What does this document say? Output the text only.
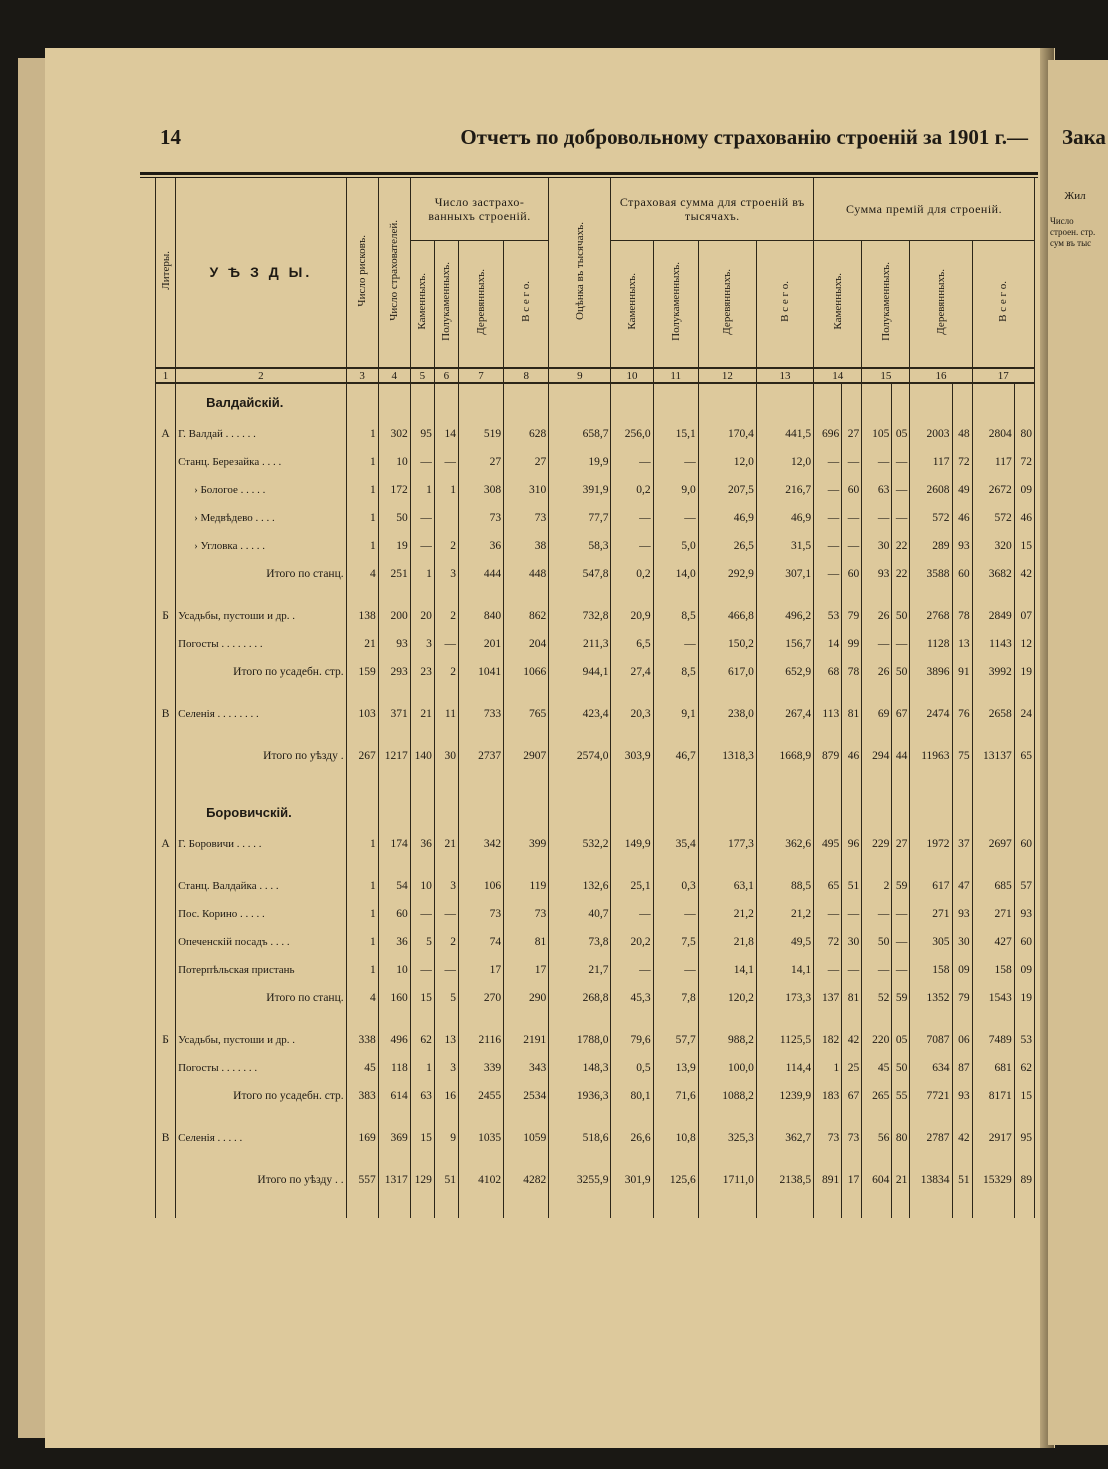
14	Отчетъ по добровольному страхованію строеній за 1901 г.— Зака
Литеры.	У Ѣ З Д Ы.	Число рисковъ.	Число страхователей.	Число застрахо-ванныхъ строеній.				Оцѣнка въ тысячахъ.	Страховая сумма для строеній въ тысячахъ.				Сумма премій для строеній.							
				Каменныхъ.	Полукаменныхъ.	Деревянныхъ.	В с е г о.		Каменныхъ.	Полукаменныхъ.	Деревянныхъ.	В с е г о.	Каменныхъ.		Полукаменныхъ.		Деревянныхъ.		В с е г о.	
1	2	3	4	5	6	7	8	9	10	11	12	13	14		15		16		17	
	Валдайскій.																			
А	Г. Валдай . . . . . .	1	302	95	14	519	628	658,7	256,0	15,1	170,4	441,5	696	27	105	05	2003	48	2804	80
	Станц. Березайка . . . .	1	10	—	—	27	27	19,9	—	—	12,0	12,0	—	—	—	—	117	72	117	72
	› Бологое . . . . .	1	172	1	1	308	310	391,9	0,2	9,0	207,5	216,7	—	60	63	—	2608	49	2672	09
	› Медвѣдево . . . .	1	50	—		73	73	77,7	—	—	46,9	46,9	—	—	—	—	572	46	572	46
	› Угловка . . . . .	1	19	—	2	36	38	58,3	—	5,0	26,5	31,5	—	—	30	22	289	93	320	15
	Итого по станц.	4	251	1	3	444	448	547,8	0,2	14,0	292,9	307,1	—	60	93	22	3588	60	3682	42

Б	Усадьбы, пустоши и др. .	138	200	20	2	840	862	732,8	20,9	8,5	466,8	496,2	53	79	26	50	2768	78	2849	07
	Погосты . . . . . . . .	21	93	3	—	201	204	211,3	6,5	—	150,2	156,7	14	99	—	—	1128	13	1143	12
	Итого по усадебн. стр.	159	293	23	2	1041	1066	944,1	27,4	8,5	617,0	652,9	68	78	26	50	3896	91	3992	19

В	Селенія . . . . . . . .	103	371	21	11	733	765	423,4	20,3	9,1	238,0	267,4	113	81	69	67	2474	76	2658	24

	Итого по уѣзду .	267	1217	140	30	2737	2907	2574,0	303,9	46,7	1318,3	1668,9	879	46	294	44	11963	75	13137	65

	Боровичскій.																			
А	Г. Боровичи . . . . .	1	174	36	21	342	399	532,2	149,9	35,4	177,3	362,6	495	96	229	27	1972	37	2697	60

	Станц. Валдайка . . . .	1	54	10	3	106	119	132,6	25,1	0,3	63,1	88,5	65	51	2	59	617	47	685	57
	Пос. Корино . . . . .	1	60	—	—	73	73	40,7	—	—	21,2	21,2	—	—	—	—	271	93	271	93
	Опеченскій посадъ . . . .	1	36	5	2	74	81	73,8	20,2	7,5	21,8	49,5	72	30	50	—	305	30	427	60
	Потерпѣльская пристань	1	10	—	—	17	17	21,7	—	—	14,1	14,1	—	—	—	—	158	09	158	09
	Итого по станц.	4	160	15	5	270	290	268,8	45,3	7,8	120,2	173,3	137	81	52	59	1352	79	1543	19

Б	Усадьбы, пустоши и др. .	338	496	62	13	2116	2191	1788,0	79,6	57,7	988,2	1125,5	182	42	220	05	7087	06	7489	53
	Погосты . . . . . . .	45	118	1	3	339	343	148,3	0,5	13,9	100,0	114,4	1	25	45	50	634	87	681	62
	Итого по усадебн. стр.	383	614	63	16	2455	2534	1936,3	80,1	71,6	1088,2	1239,9	183	67	265	55	7721	93	8171	15

В	Селенія . . . . .	169	369	15	9	1035	1059	518,6	26,6	10,8	325,3	362,7	73	73	56	80	2787	42	2917	95

	Итого по уѣзду . .	557	1317	129	51	4102	4282	3255,9	301,9	125,6	1711,0	2138,5	891	17	604	21	13834	51	15329	89

Жил
Число строен. стр. сум въ тыс
